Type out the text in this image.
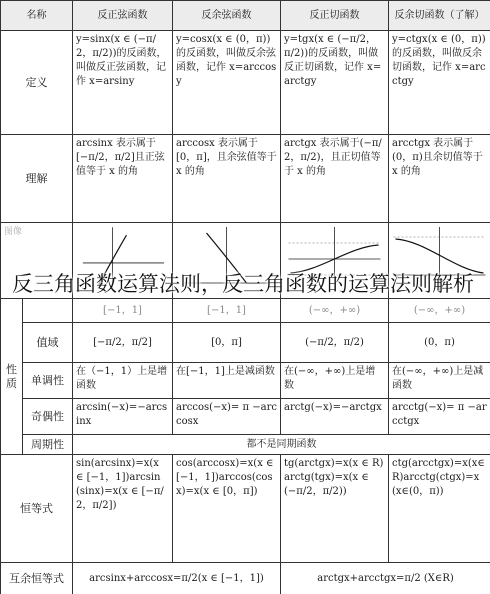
名称		反正弦函数	反余弦函数	反正切函数	反余切函数（了解）
定义		y=sinx(x ∈ (−π/2，π/2))的反函数，叫做反正弦函数，记作 x=arsiny	y=cosx(x ∈ (0，π))的反函数，叫做反余弦函数，记作 x=arccosy	y=tgx(x ∈ (−π/2，π/2))的反函数，叫做反正切函数，记作 x=arctgy	y=ctgx(x ∈ (0，π))的反函数，叫做反余切函数，记作 x=arcctgy
理解		arcsinx 表示属于[−π/2，π/2]且正弦值等于 x 的角	arccosx 表示属于[0，π]，且余弦值等于 x 的角	arctgx 表示属于(−π/2，π/2)，且正切值等于 x 的角	arcctgx 表示属于(0，π)且余切值等于 x 的角

图像

性质		[−1，1]	[−1，1]	(−∞，+∞)	(−∞，+∞)
	值域	[−π/2，π/2]	[0，π]	(−π/2，π/2)	(0，π)
	单调性	在（−1，1）上是增函数	在[−1，1]上是减函数	在(−∞，+∞)上是增数	在(−∞，+∞)上是减函数
	奇偶性	arcsin(−x)=−arcsinx	arccos(−x)= π −arccosx	arctg(−x)=−arctgx	arcctg(−x)= π −arcctgx
	周期性	都不是同期函数			
恒等式		sin(arcsinx)=x(x ∈ [−1，1])arcsin(sinx)=x(x ∈ [−π/2，π/2])	cos(arccosx)=x(x ∈ [−1，1])arccos(cosx)=x(x ∈ [0，π])	tg(arctgx)=x(x ∈ R)arctg(tgx)=x(x ∈ (−π/2，π/2))	ctg(arcctgx)=x(x∈R)arcctg(ctgx)=x(x∈(0，π))
互余恒等式		arcsinx+arccosx=π/2(x ∈ [−1，1])		arctgx+arcctgx=π/2 (X∈R)	
反三角函数运算法则，反三角函数的运算法则解析
